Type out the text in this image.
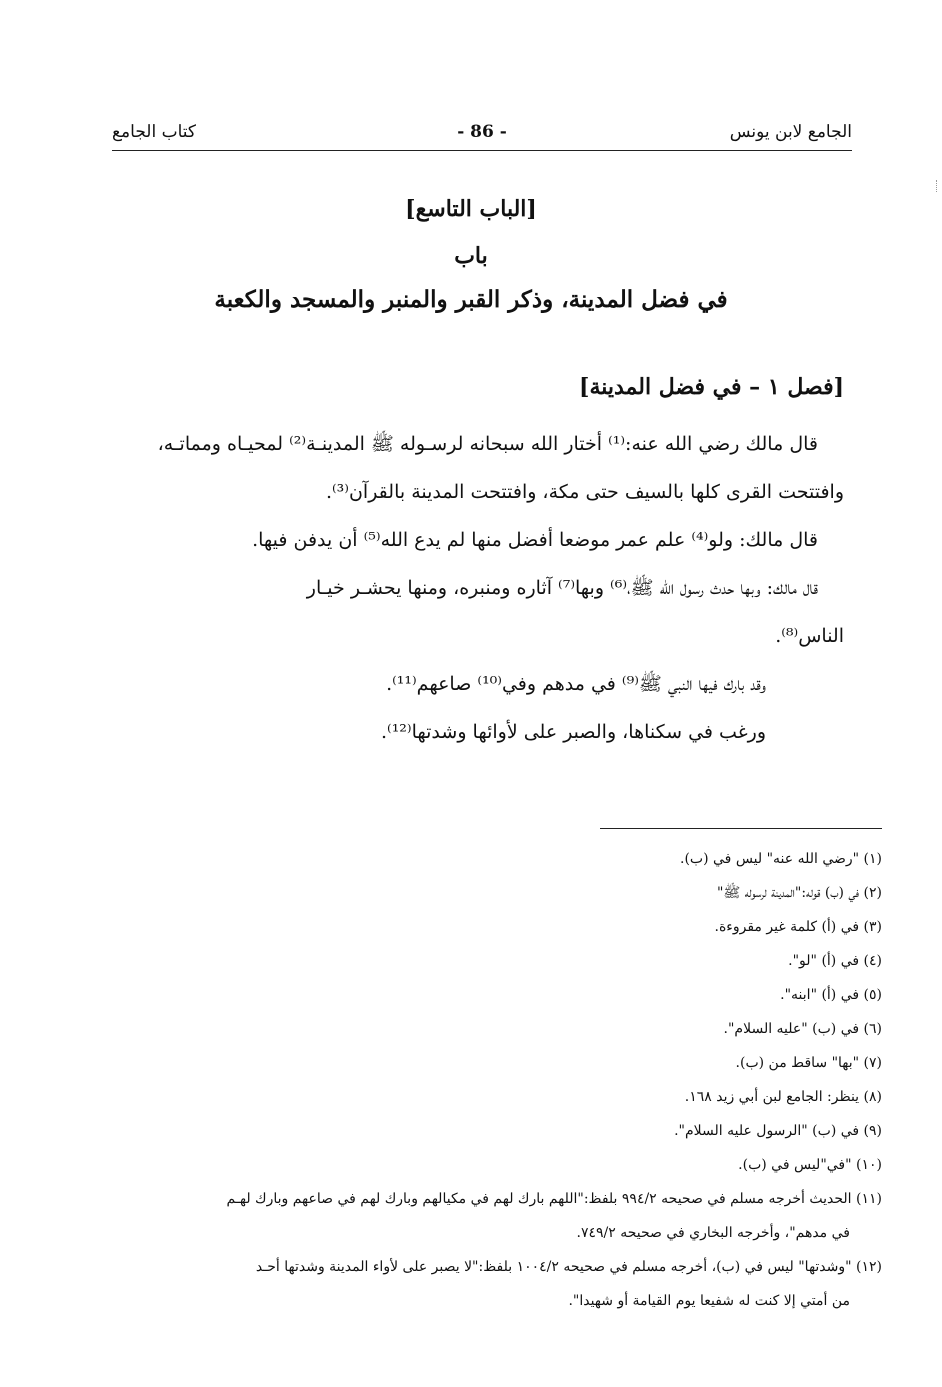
الجامع لابن يونس
- 86 -
كتاب الجامع
[الباب التاسع]
باب
في فضل المدينة، وذكر القبر والمنبر والمسجد والكعبة
[فصل ١ – في فضل المدينة]

قال مالك رضي الله عنه:⁽¹⁾ أختار الله سبحانه لرسـوله ﷺ المدينـة⁽²⁾ لمحيـاه ومماتـه،

وافتتحت القرى كلها بالسيف حتى مكة، وافتتحت المدينة بالقرآن⁽³⁾.

قال مالك: ولو⁽⁴⁾ علم عمر موضعا أفضل منها لم يدع الله⁽⁵⁾ أن يدفن فيها.

قال مالك: وبها حدث رسول الله ﷺ،⁽⁶⁾ وبها⁽⁷⁾ آثاره ومنبره، ومنها يحشـر خيـار

الناس⁽⁸⁾.

وقد بارك فيها النبي ﷺ⁽⁹⁾ في مدهم وفي⁽¹⁰⁾ صاعهم⁽¹¹⁾.

ورغب في سكناها، والصبر على لأوائها وشدتها⁽¹²⁾.

(١) "رضي الله عنه" ليس في (ب).

(٢) في (ب) قوله:"المدينة لرسوله ﷺ"

(٣) في (أ) كلمة غير مقروءة.

(٤) في (أ) "لو".

(٥) في (أ) "ابنه".

(٦) في (ب) "عليه السلام".

(٧) "بها" ساقط من (ب).

(٨) ينظر: الجامع لبن أبي زيد ١٦٨.

(٩) في (ب) "الرسول عليه السلام".

(١٠) "في"ليس في (ب).

(١١) الحديث أخرجه مسلم في صحيحه ٩٩٤/٢ بلفظ:"اللهم بارك لهم في مكيالهم وبارك لهم في صاعهم وبارك لهـم

في مدهم"، وأخرجه البخاري في صحيحه ٧٤٩/٢.

(١٢) "وشدتها" ليس في (ب)، أخرجه مسلم في صحيحه ١٠٠٤/٢ بلفظ:"لا يصبر على لأواء المدينة وشدتها أحـد

من أمتي إلا كنت له شفيعا يوم القيامة أو شهيدا".
